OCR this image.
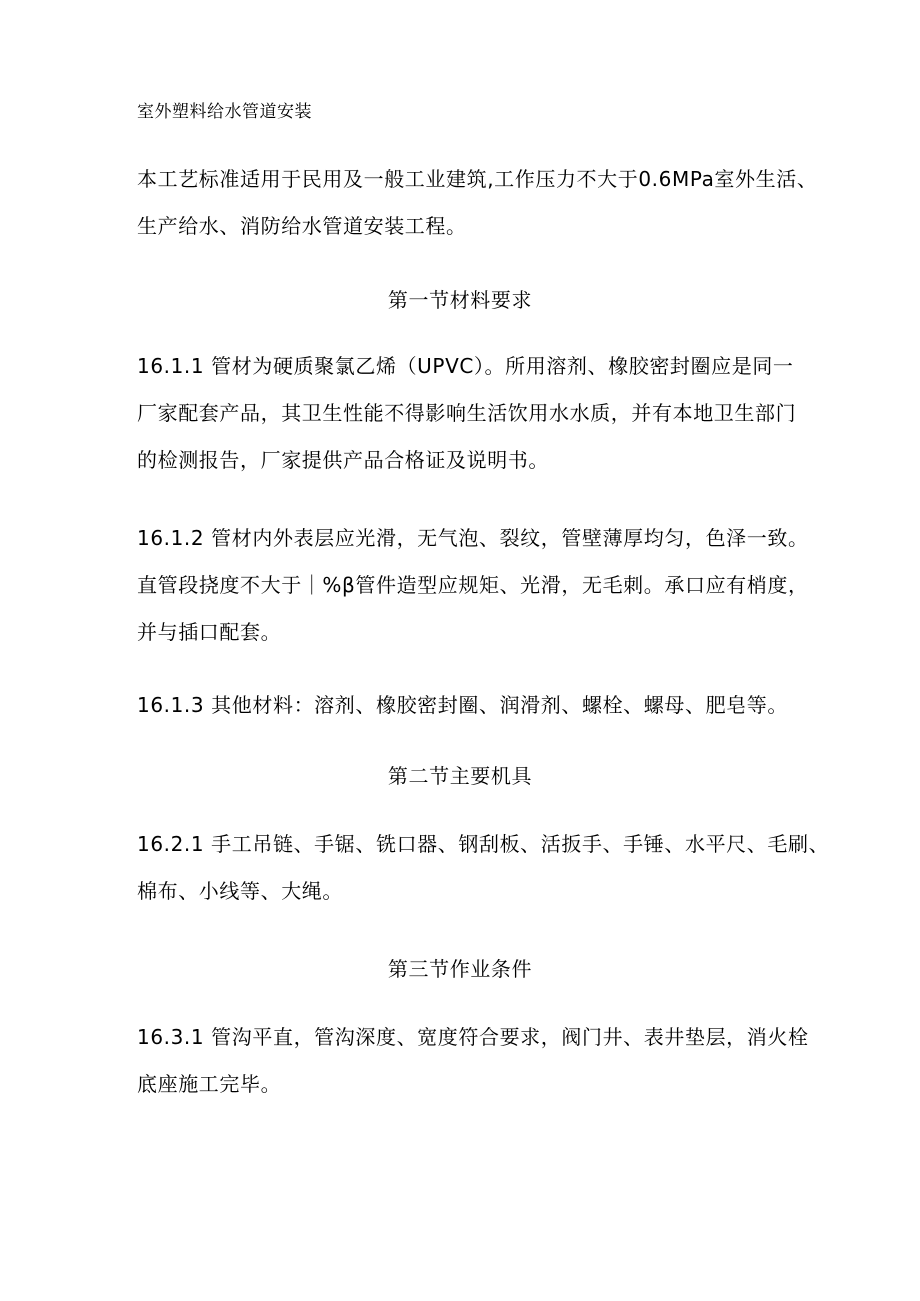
室外塑料给水管道安装
本工艺标准适用于民用及一般工业建筑,工作压力不大于0.6MPa室外生活、
生产给水、消防给水管道安装工程。
第一节材料要求
16.1.1 管材为硬质聚氯乙烯（UPVC）。所用溶剂、橡胶密封圈应是同一
厂家配套产品，其卫生性能不得影响生活饮用水水质，并有本地卫生部门
的检测报告，厂家提供产品合格证及说明书。
16.1.2 管材内外表层应光滑，无气泡、裂纹，管壁薄厚均匀，色泽一致。
直管段挠度不大于｜%β管件造型应规矩、光滑，无毛刺。承口应有梢度，
并与插口配套。
16.1.3 其他材料：溶剂、橡胶密封圈、润滑剂、螺栓、螺母、肥皂等。
第二节主要机具
16.2.1 手工吊链、手锯、铣口器、钢刮板、活扳手、手锤、水平尺、毛刷、
棉布、小线等、大绳。
第三节作业条件
16.3.1 管沟平直，管沟深度、宽度符合要求，阀门井、表井垫层，消火栓
底座施工完毕。
